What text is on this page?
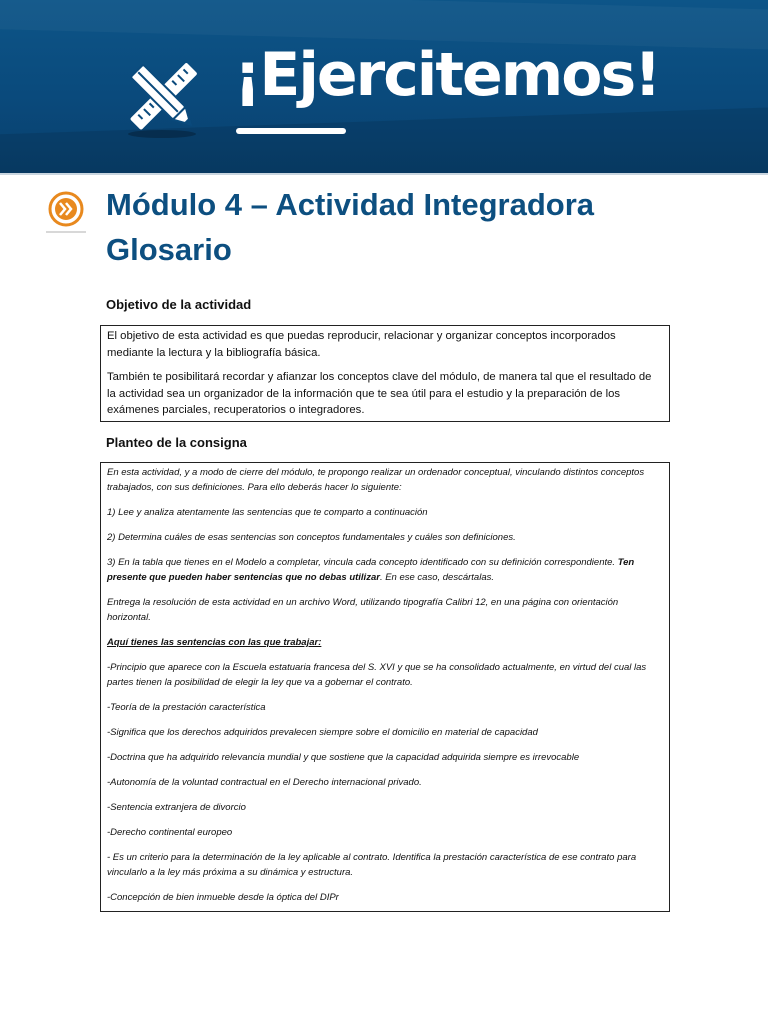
¡Ejercitemos!
Módulo 4 – Actividad Integradora
Glosario
Objetivo de la actividad

El objetivo de esta actividad es que puedas reproducir, relacionar y organizar conceptos incorporados mediante la lectura y la bibliografía básica.

También te posibilitará recordar y afianzar los conceptos clave del módulo, de manera tal que el resultado de la actividad sea un organizador de la información que te sea útil para el estudio y la preparación de los exámenes parciales, recuperatorios o integradores.

Planteo de la consigna

En esta actividad, y a modo de cierre del módulo, te propongo realizar un ordenador conceptual, vinculando distintos conceptos trabajados, con sus definiciones. Para ello deberás hacer lo siguiente:

1) Lee y analiza atentamente las sentencias que te comparto a continuación

2) Determina cuáles de esas sentencias son conceptos fundamentales y cuáles son definiciones.

3) En la tabla que tienes en el Modelo a completar, vincula cada concepto identificado con su definición correspondiente. Ten presente que pueden haber sentencias que no debas utilizar. En ese caso, descártalas.

Entrega la resolución de esta actividad en un archivo Word, utilizando tipografía Calibri 12, en una página con orientación horizontal.

Aquí tienes las sentencias con las que trabajar:

-Principio que aparece con la Escuela estatuaria francesa del S. XVI y que se ha consolidado actualmente, en virtud del cual las partes tienen la posibilidad de elegir la ley que va a gobernar el contrato.

-Teoría de la prestación característica

-Significa que los derechos adquiridos prevalecen siempre sobre el domicilio en material de capacidad

-Doctrina que ha adquirido relevancia mundial y que sostiene que la capacidad adquirida siempre es irrevocable

-Autonomía de la voluntad contractual en el Derecho internacional privado.

-Sentencia extranjera de divorcio

-Derecho continental europeo

- Es un criterio para la determinación de la ley aplicable al contrato. Identifica la prestación característica de ese contrato para vincularlo a la ley más próxima a su dinámica y estructura.

-Concepción de bien inmueble desde la óptica del DIPr
